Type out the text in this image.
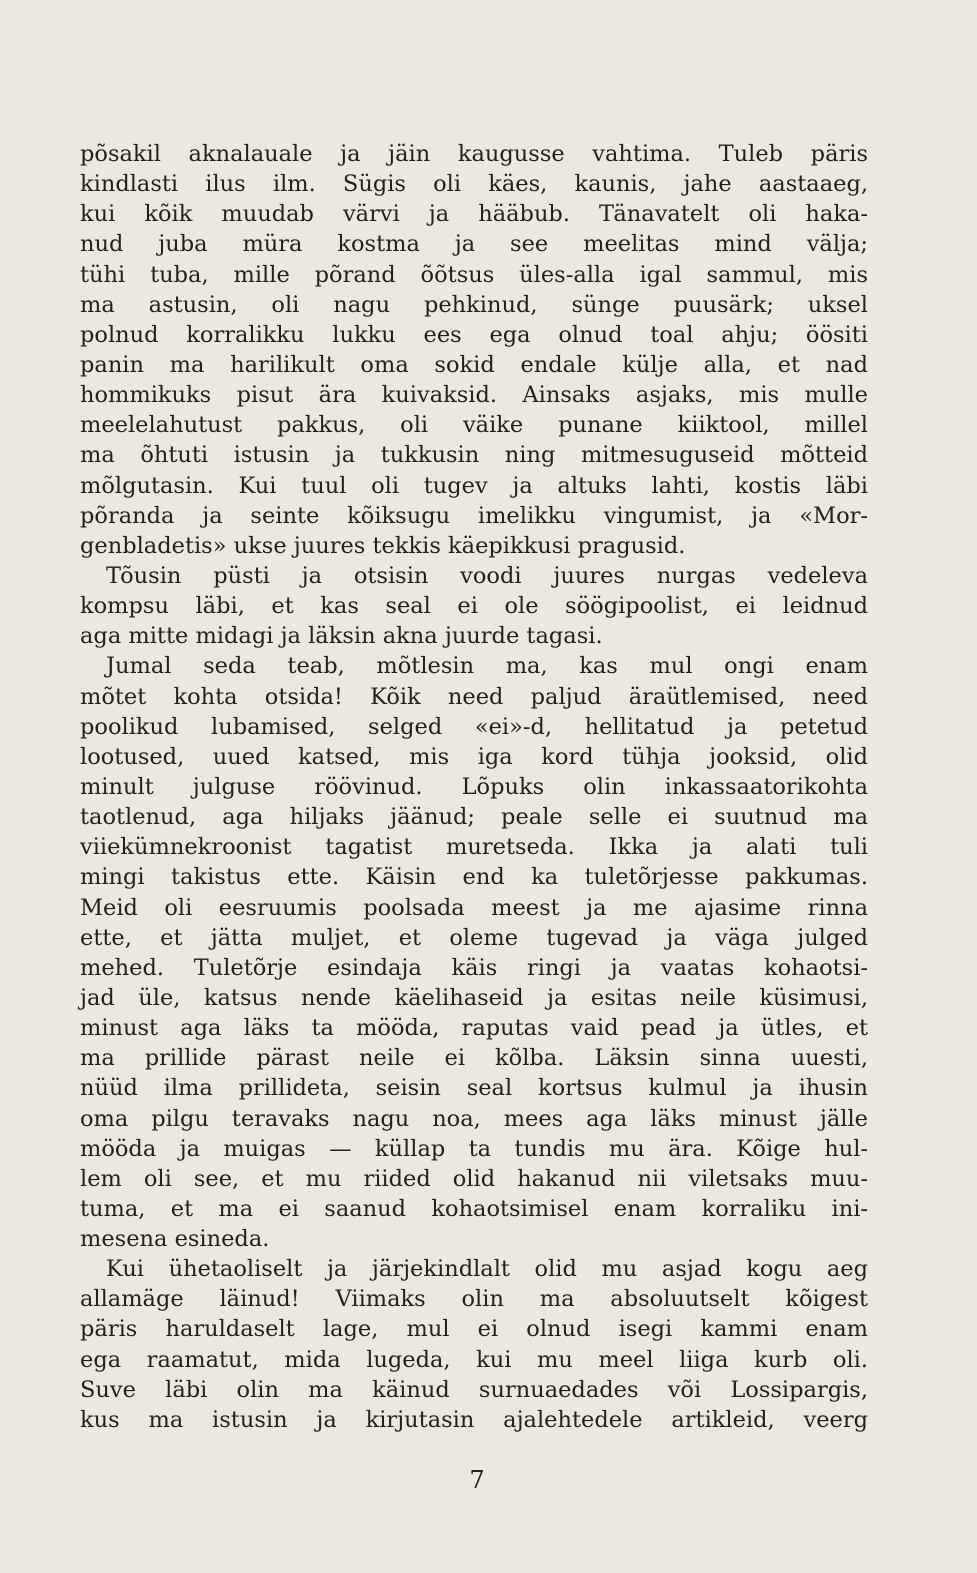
põsakil aknalauale ja jäin kaugusse vahtima. Tuleb päris
kindlasti ilus ilm. Sügis oli käes, kaunis, jahe aastaaeg,
kui kõik muudab värvi ja hääbub. Tänavatelt oli haka-
nud juba müra kostma ja see meelitas mind välja;
tühi tuba, mille põrand õõtsus üles-alla igal sammul, mis
ma astusin, oli nagu pehkinud, sünge puusärk; uksel
polnud korralikku lukku ees ega olnud toal ahju; öösiti
panin ma harilikult oma sokid endale külje alla, et nad
hommikuks pisut ära kuivaksid. Ainsaks asjaks, mis mulle
meelelahutust pakkus, oli väike punane kiiktool, millel
ma õhtuti istusin ja tukkusin ning mitmesuguseid mõtteid
mõlgutasin. Kui tuul oli tugev ja altuks lahti, kostis läbi
põranda ja seinte kõiksugu imelikku vingumist, ja «Mor-
genbladetis» ukse juures tekkis käepikkusi pragusid.
Tõusin püsti ja otsisin voodi juures nurgas vedeleva
kompsu läbi, et kas seal ei ole söögipoolist, ei leidnud
aga mitte midagi ja läksin akna juurde tagasi.
Jumal seda teab, mõtlesin ma, kas mul ongi enam
mõtet kohta otsida! Kõik need paljud äraütlemised, need
poolikud lubamised, selged «ei»-d, hellitatud ja petetud
lootused, uued katsed, mis iga kord tühja jooksid, olid
minult julguse röövinud. Lõpuks olin inkassaatorikohta
taotlenud, aga hiljaks jäänud; peale selle ei suutnud ma
viiekümnekroonist tagatist muretseda. Ikka ja alati tuli
mingi takistus ette. Käisin end ka tuletõrjesse pakkumas.
Meid oli eesruumis poolsada meest ja me ajasime rinna
ette, et jätta muljet, et oleme tugevad ja väga julged
mehed. Tuletõrje esindaja käis ringi ja vaatas kohaotsi-
jad üle, katsus nende käelihaseid ja esitas neile küsimusi,
minust aga läks ta mööda, raputas vaid pead ja ütles, et
ma prillide pärast neile ei kõlba. Läksin sinna uuesti,
nüüd ilma prillideta, seisin seal kortsus kulmul ja ihusin
oma pilgu teravaks nagu noa, mees aga läks minust jälle
mööda ja muigas — küllap ta tundis mu ära. Kõige hul-
lem oli see, et mu riided olid hakanud nii viletsaks muu-
tuma, et ma ei saanud kohaotsimisel enam korraliku ini-
mesena esineda.
Kui ühetaoliselt ja järjekindlalt olid mu asjad kogu aeg
allamäge läinud! Viimaks olin ma absoluutselt kõigest
päris haruldaselt lage, mul ei olnud isegi kammi enam
ega raamatut, mida lugeda, kui mu meel liiga kurb oli.
Suve läbi olin ma käinud surnuaedades või Lossipargis,
kus ma istusin ja kirjutasin ajalehtedele artikleid, veerg
7
